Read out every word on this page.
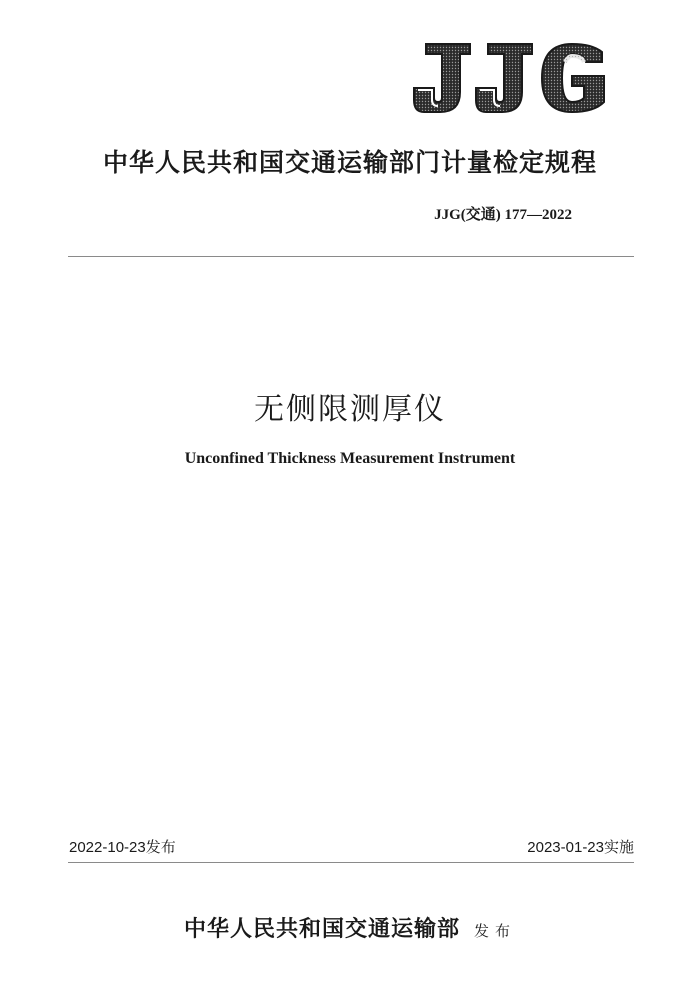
中华人民共和国交通运输部门计量检定规程
JJG(交通) 177—2022
无侧限测厚仪
Unconfined Thickness Measurement Instrument
2022-10-23发布	2023-01-23实施
中华人民共和国交通运输部 发布
